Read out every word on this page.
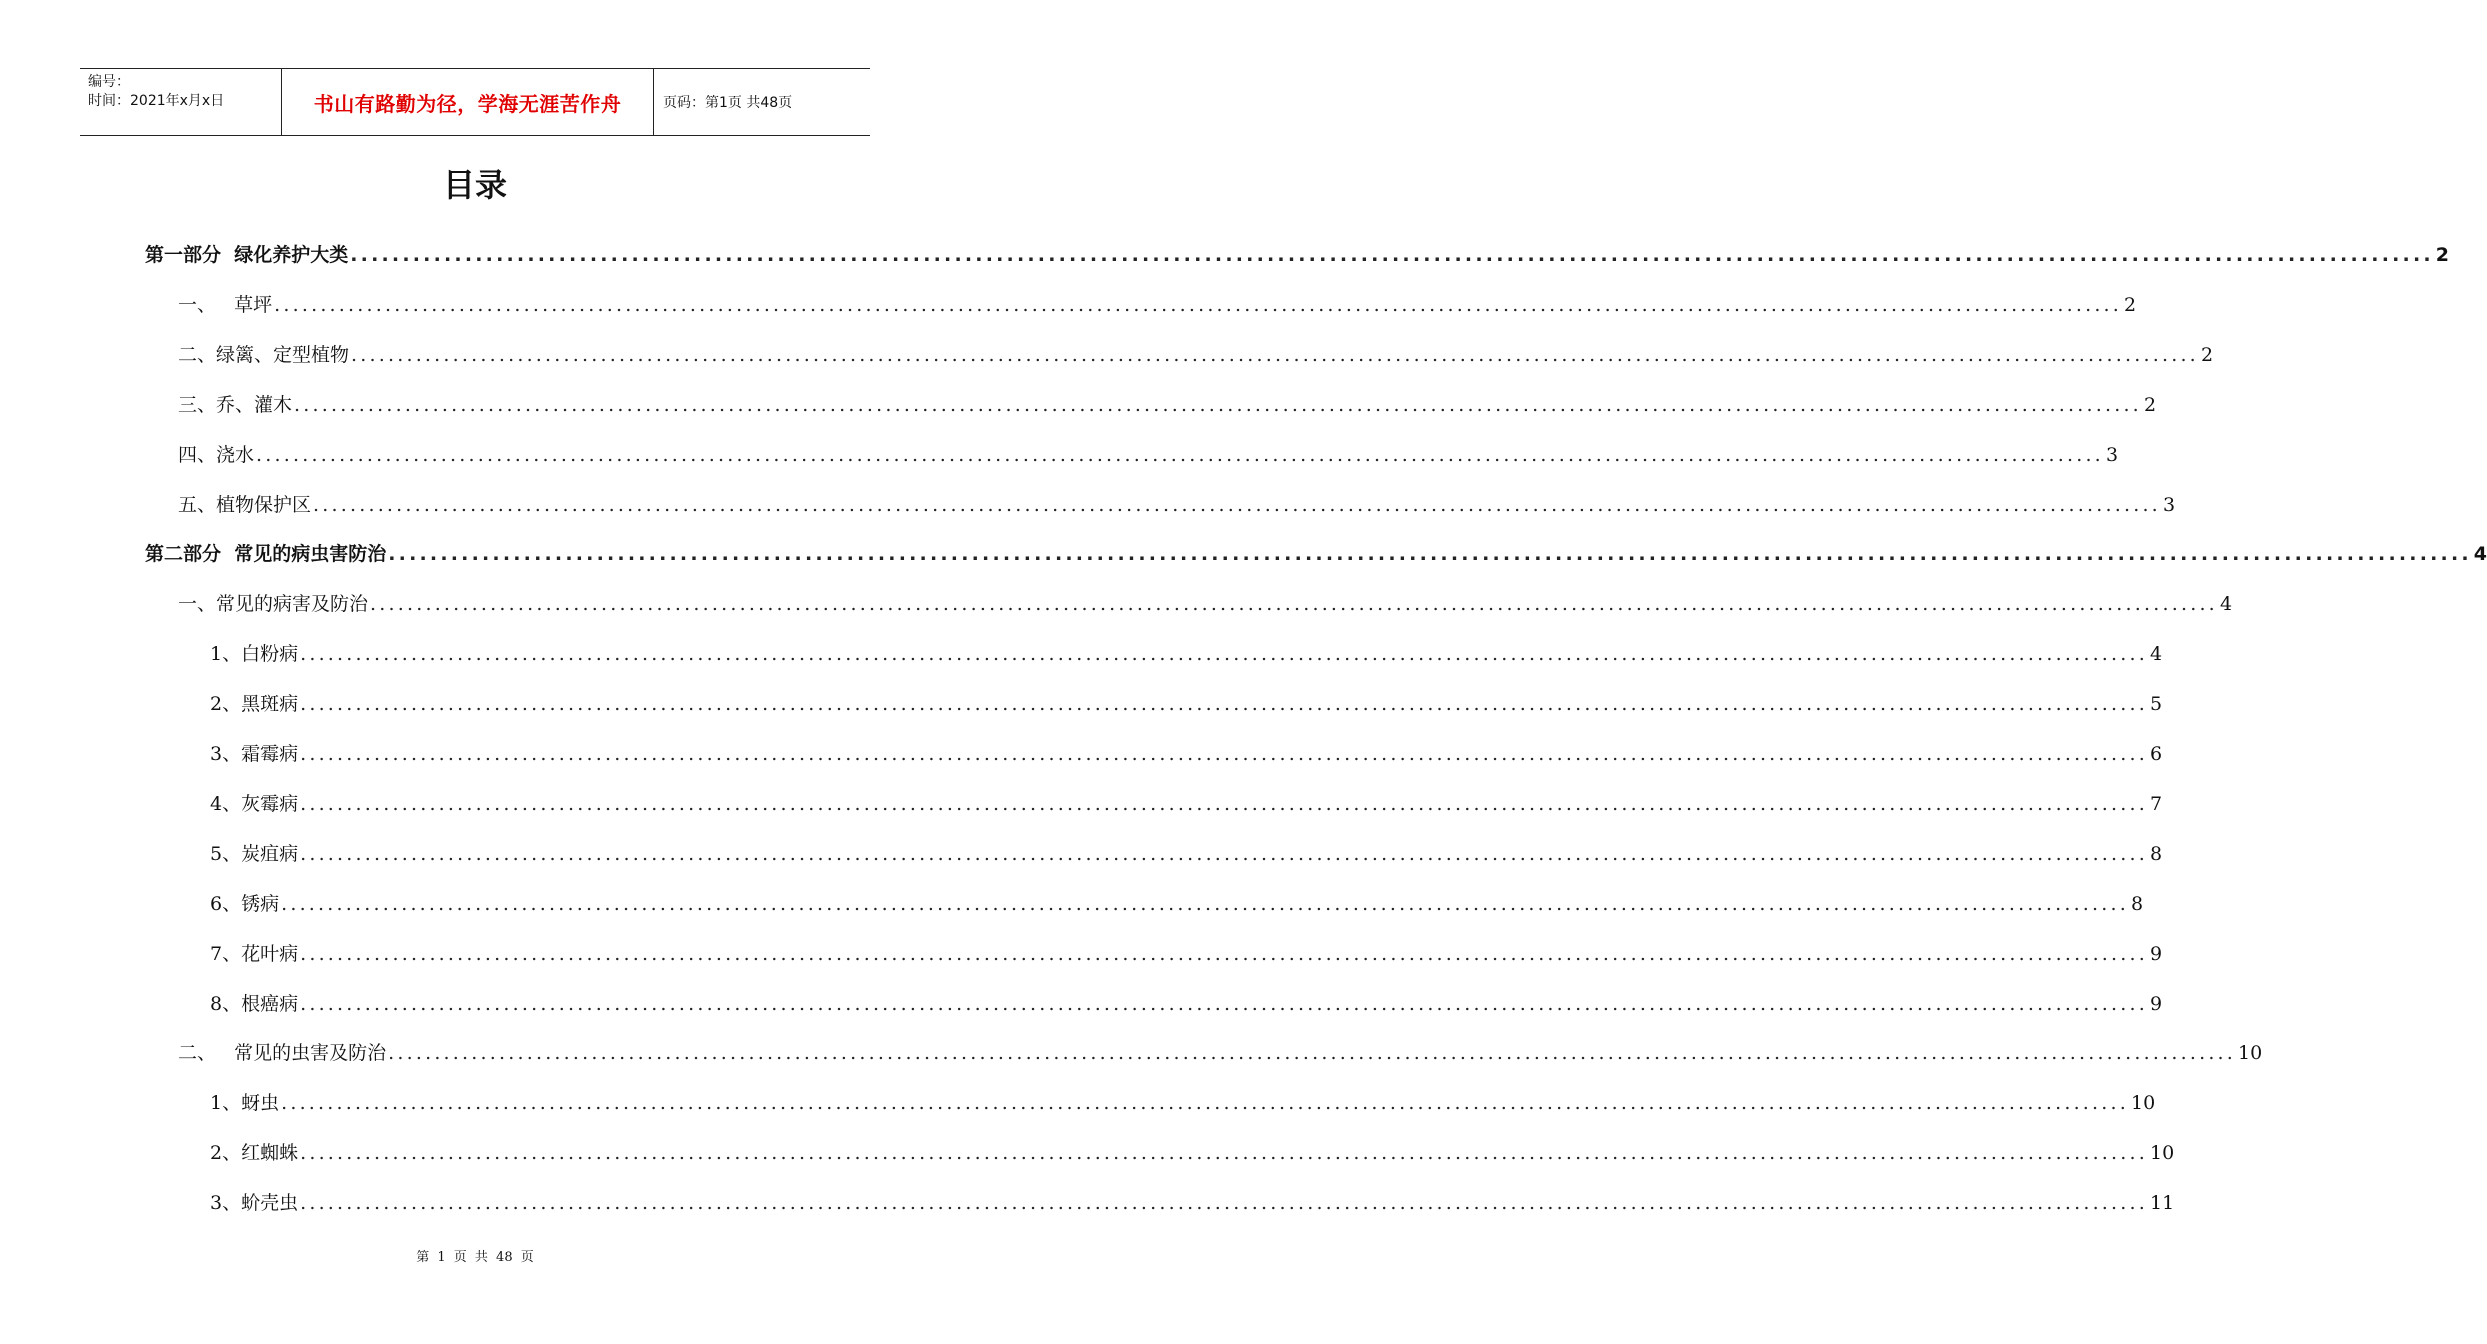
编号：
时间：2021年x月x日	书山有路勤为径，学海无涯苦作舟	页码：第1页 共48页
目录
第一部分  绿化养护大类 ........................................................................................................................................................................................................ 2
一、   草坪 ........................................................................................................................................................................................................ 2
二、绿篱、定型植物 ........................................................................................................................................................................................................ 2
三、乔、灌木 ........................................................................................................................................................................................................ 2
四、浇水 ........................................................................................................................................................................................................ 3
五、植物保护区 ........................................................................................................................................................................................................ 3
第二部分  常见的病虫害防治 ........................................................................................................................................................................................................ 4
一、常见的病害及防治 ........................................................................................................................................................................................................ 4
1、白粉病 ........................................................................................................................................................................................................ 4
2、黑斑病 ........................................................................................................................................................................................................ 5
3、霜霉病 ........................................................................................................................................................................................................ 6
4、灰霉病 ........................................................................................................................................................................................................ 7
5、炭疽病 ........................................................................................................................................................................................................ 8
6、锈病 ........................................................................................................................................................................................................ 8
7、花叶病 ........................................................................................................................................................................................................ 9
8、根癌病 ........................................................................................................................................................................................................ 9
二、   常见的虫害及防治 ........................................................................................................................................................................................................ 10
1、蚜虫 ........................................................................................................................................................................................................ 10
2、红蜘蛛 ........................................................................................................................................................................................................ 10
3、蚧壳虫 ........................................................................................................................................................................................................ 11
第 1 页 共 48 页
